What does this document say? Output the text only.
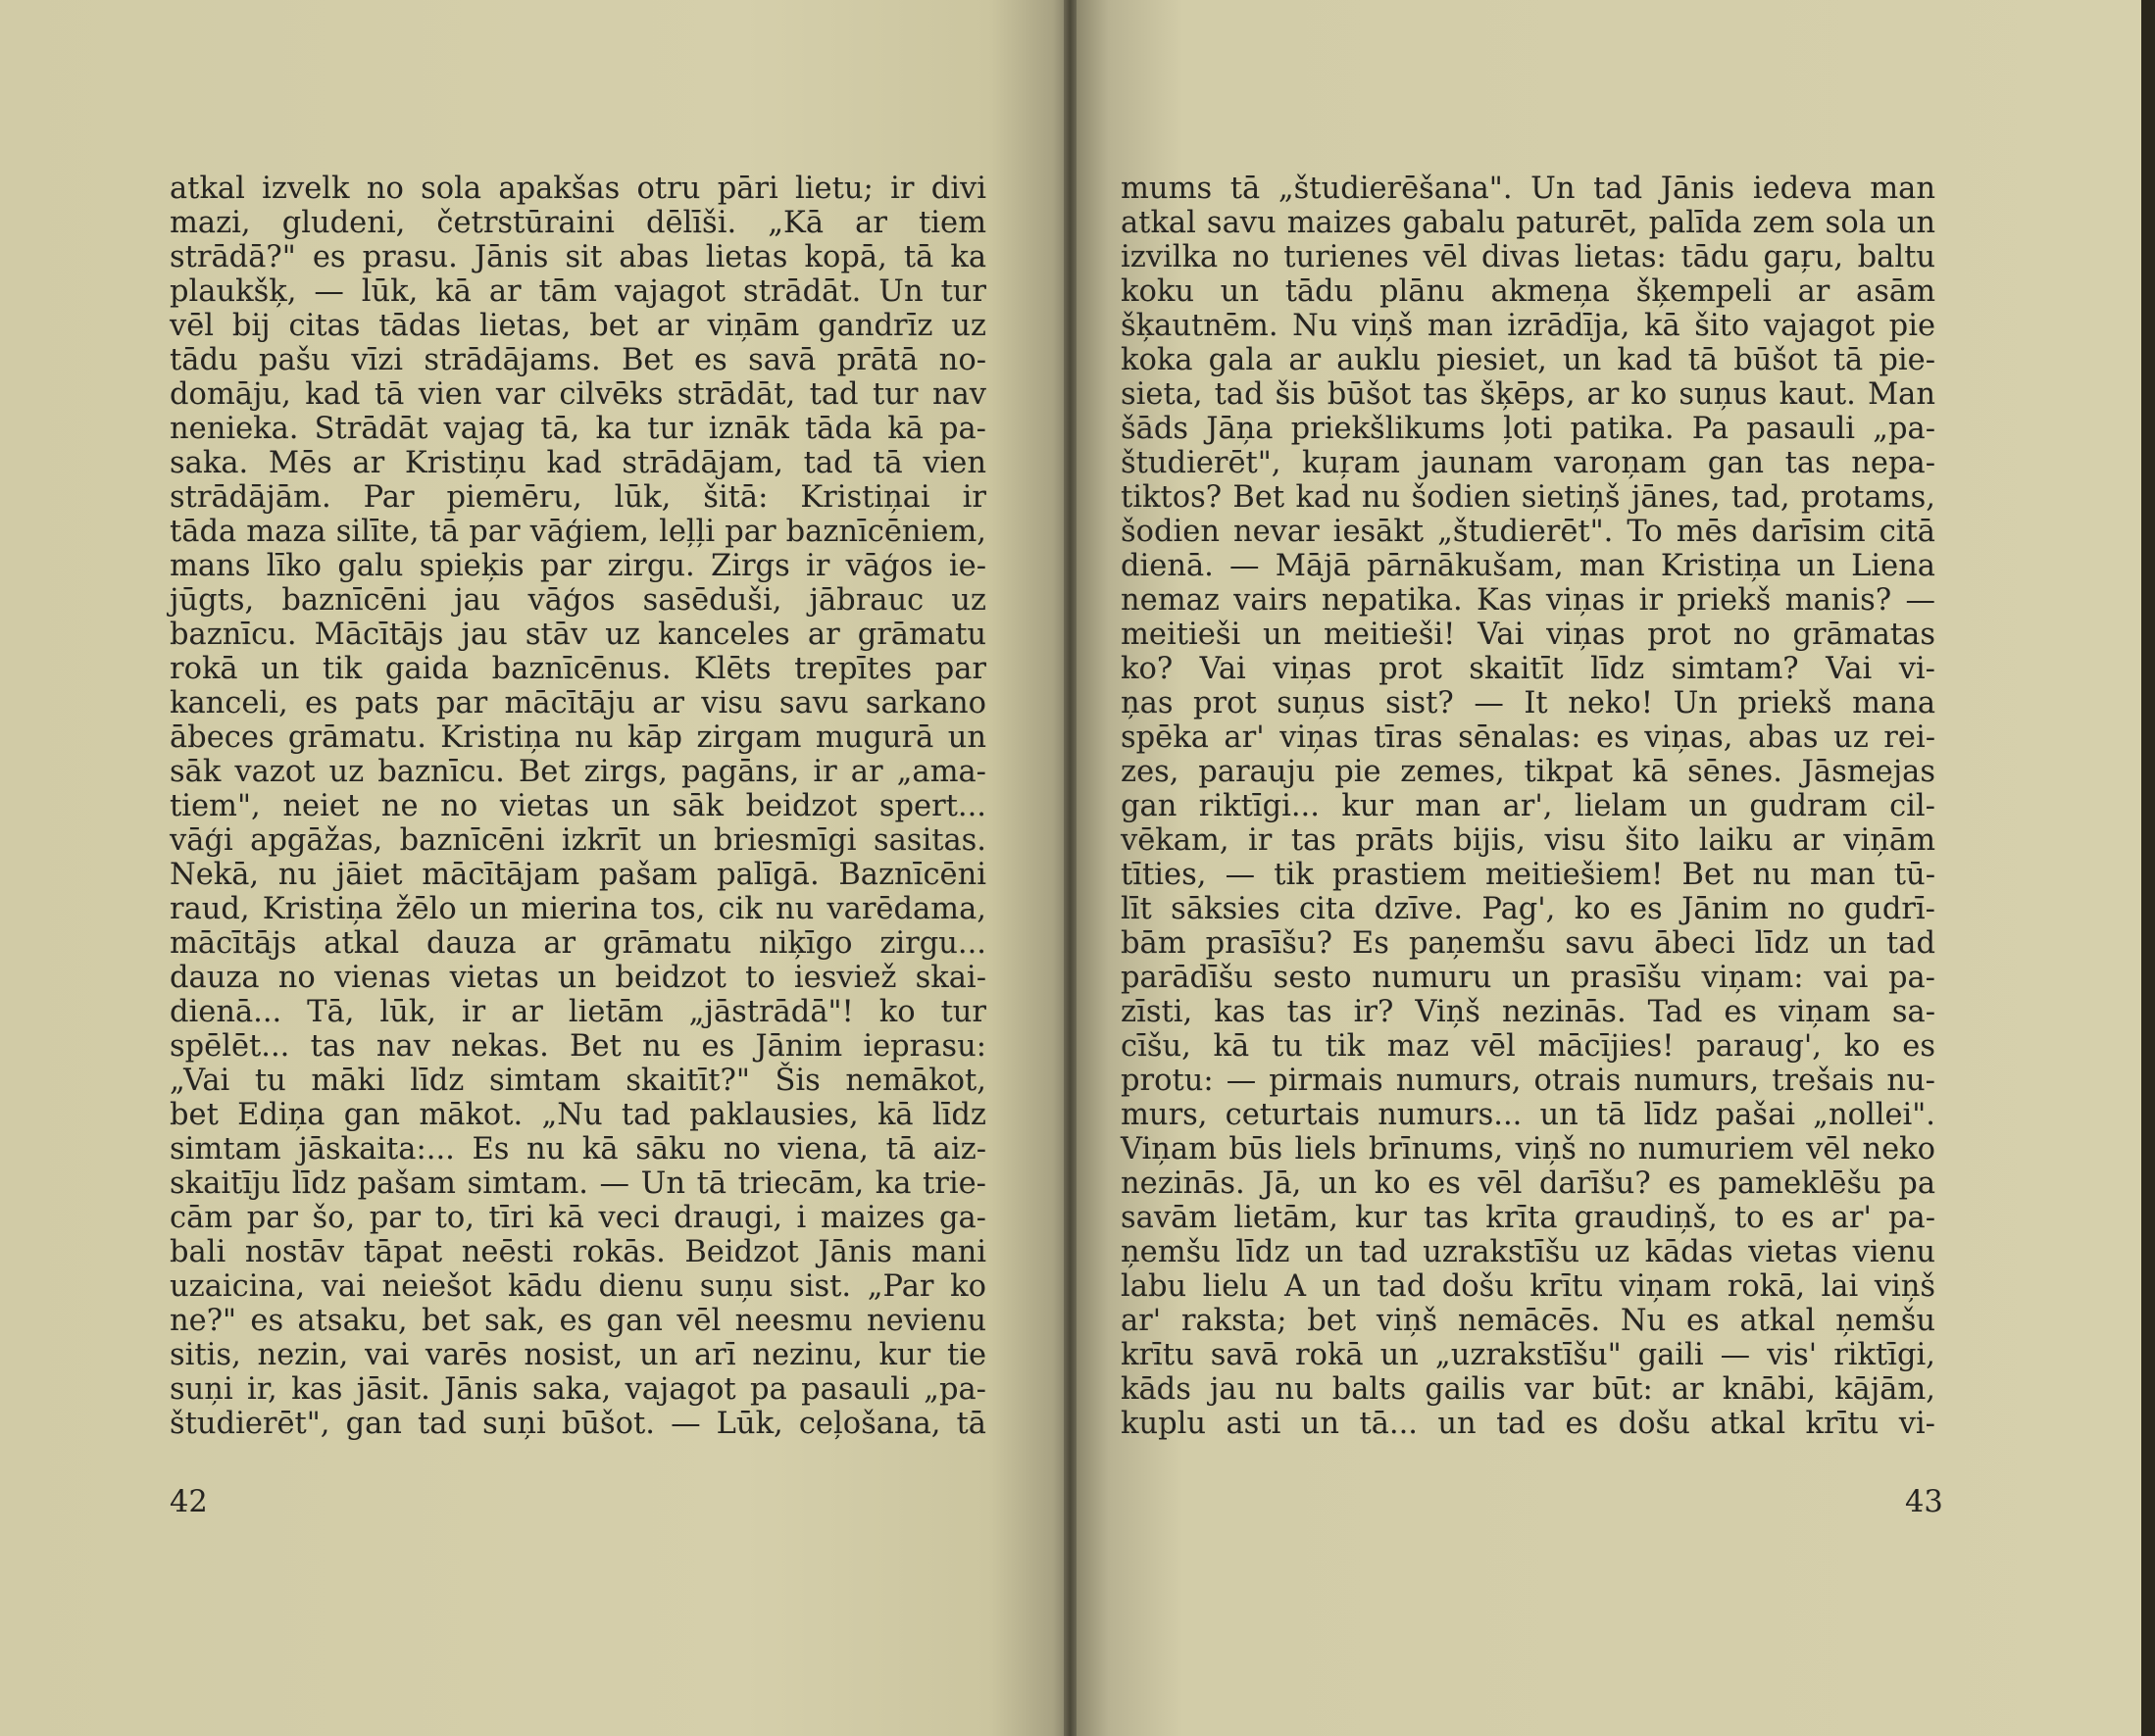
atkal izvelk no sola apakšas otru pāri lietu; ir divi
mazi, gludeni, četrstūraini dēlīši. „Kā ar tiem
strādā?" es prasu. Jānis sit abas lietas kopā, tā ka
plaukšķ, — lūk, kā ar tām vajagot strādāt. Un tur
vēl bij citas tādas lietas, bet ar viņām gandrīz uz
tādu pašu vīzi strādājams. Bet es savā prātā no-
domāju, kad tā vien var cilvēks strādāt, tad tur nav
nenieka. Strādāt vajag tā, ka tur iznāk tāda kā pa-
saka. Mēs ar Kristiņu kad strādājam, tad tā vien
strādājām. Par piemēru, lūk, šitā: Kristiņai ir
tāda maza silīte, tā par vāģiem, leļļi par baznīcēniem,
mans līko galu spieķis par zirgu. Zirgs ir vāģos ie-
jūgts, baznīcēni jau vāģos sasēduši, jābrauc uz
baznīcu. Mācītājs jau stāv uz kanceles ar grāmatu
rokā un tik gaida baznīcēnus. Klēts trepītes par
kanceli, es pats par mācītāju ar visu savu sarkano
ābeces grāmatu. Kristiņa nu kāp zirgam mugurā un
sāk vazot uz baznīcu. Bet zirgs, pagāns, ir ar „ama-
tiem", neiet ne no vietas un sāk beidzot spert...
vāģi apgāžas, baznīcēni izkrīt un briesmīgi sasitas.
Nekā, nu jāiet mācītājam pašam palīgā. Baznīcēni
raud, Kristiņa žēlo un mierina tos, cik nu varēdama,
mācītājs atkal dauza ar grāmatu niķīgo zirgu...
dauza no vienas vietas un beidzot to iesviež skai-
dienā... Tā, lūk, ir ar lietām „jāstrādā"! ko tur
spēlēt... tas nav nekas. Bet nu es Jānim ieprasu:
„Vai tu māki līdz simtam skaitīt?" Šis nemākot,
bet Ediņa gan mākot. „Nu tad paklausies, kā līdz
simtam jāskaita:... Es nu kā sāku no viena, tā aiz-
skaitīju līdz pašam simtam. — Un tā triecām, ka trie-
cām par šo, par to, tīri kā veci draugi, i maizes ga-
bali nostāv tāpat neēsti rokās. Beidzot Jānis mani
uzaicina, vai neiešot kādu dienu suņu sist. „Par ko
ne?" es atsaku, bet sak, es gan vēl neesmu nevienu
sitis, nezin, vai varēs nosist, un arī nezinu, kur tie
suņi ir, kas jāsit. Jānis saka, vajagot pa pasauli „pa-
študierēt", gan tad suņi būšot. — Lūk, ceļošana, tā
42
mums tā „študierēšana". Un tad Jānis iedeva man
atkal savu maizes gabalu paturēt, palīda zem sola un
izvilka no turienes vēl divas lietas: tādu gaŗu, baltu
koku un tādu plānu akmeņa šķempeli ar asām
šķautnēm. Nu viņš man izrādīja, kā šito vajagot pie
koka gala ar auklu piesiet, un kad tā būšot tā pie-
sieta, tad šis būšot tas šķēps, ar ko suņus kaut. Man
šāds Jāņa priekšlikums ļoti patika. Pa pasauli „pa-
študierēt", kuŗam jaunam varoņam gan tas nepa-
tiktos? Bet kad nu šodien sietiņš jānes, tad, protams,
šodien nevar iesākt „študierēt". To mēs darīsim citā
dienā. — Mājā pārnākušam, man Kristiņa un Liena
nemaz vairs nepatika. Kas viņas ir priekš manis? —
meitieši un meitieši! Vai viņas prot no grāmatas
ko? Vai viņas prot skaitīt līdz simtam? Vai vi-
ņas prot suņus sist? — It neko! Un priekš mana
spēka ar' viņas tīras sēnalas: es viņas, abas uz rei-
zes, parauju pie zemes, tikpat kā sēnes. Jāsmejas
gan riktīgi... kur man ar', lielam un gudram cil-
vēkam, ir tas prāts bijis, visu šito laiku ar viņām
tīties, — tik prastiem meitiešiem! Bet nu man tū-
līt sāksies cita dzīve. Pag', ko es Jānim no gudrī-
bām prasīšu? Es paņemšu savu ābeci līdz un tad
parādīšu sesto numuru un prasīšu viņam: vai pa-
zīsti, kas tas ir? Viņš nezinās. Tad es viņam sa-
cīšu, kā tu tik maz vēl mācījies! paraug', ko es
protu: — pirmais numurs, otrais numurs, trešais nu-
murs, ceturtais numurs... un tā līdz pašai „nollei".
Viņam būs liels brīnums, viņš no numuriem vēl neko
nezinās. Jā, un ko es vēl darīšu? es pameklēšu pa
savām lietām, kur tas krīta graudiņš, to es ar' pa-
ņemšu līdz un tad uzrakstīšu uz kādas vietas vienu
labu lielu A un tad došu krītu viņam rokā, lai viņš
ar' raksta; bet viņš nemācēs. Nu es atkal ņemšu
krītu savā rokā un „uzrakstīšu" gaili — vis' riktīgi,
kāds jau nu balts gailis var būt: ar knābi, kājām,
kuplu asti un tā... un tad es došu atkal krītu vi-
43
